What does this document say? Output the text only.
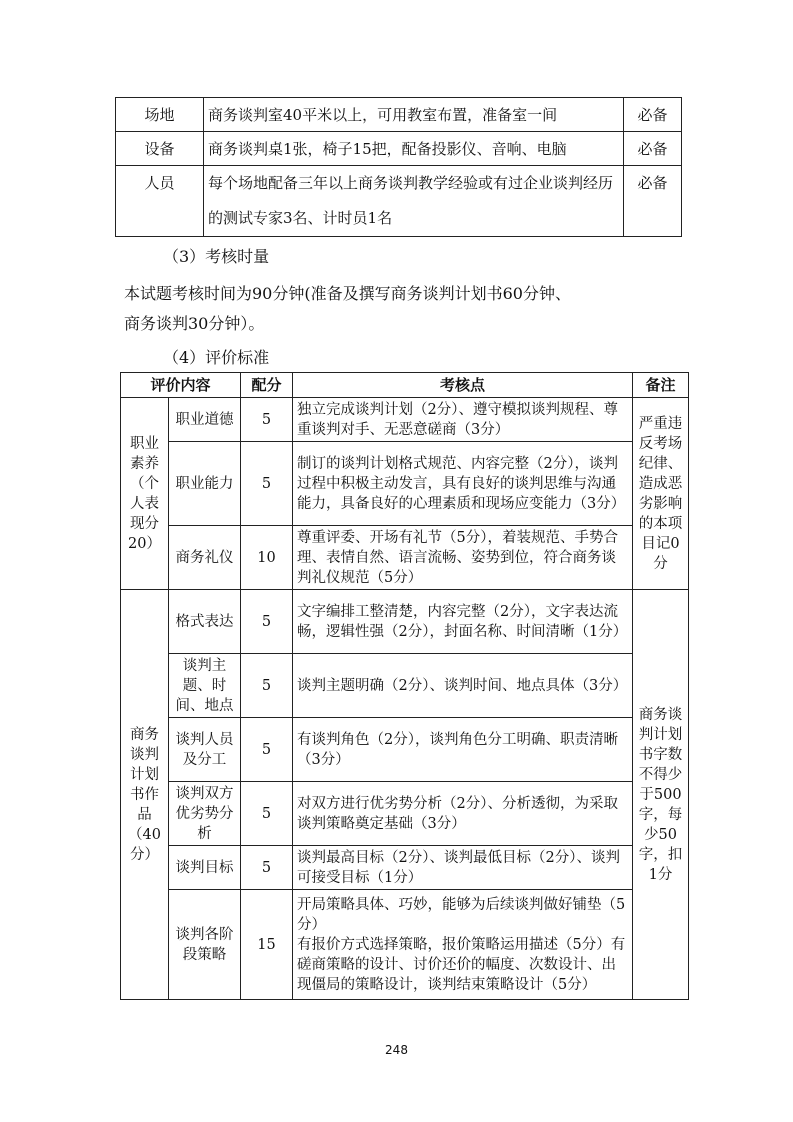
场地	商务谈判室40平米以上，可用教室布置，准备室一间	必备
设备	商务谈判桌1张，椅子15把，配备投影仪、音响、电脑	必备
人员	每个场地配备三年以上商务谈判教学经验或有过企业谈判经历的测试专家3名、计时员1名	必备
（3）考核时量
本试题考核时间为90分钟(准备及撰写商务谈判计划书60分钟、
商务谈判30分钟）。
（4）评价标准
评价内容		配分	考核点	备注
职业素养（个人表现分20）	职业道德	5	独立完成谈判计划（2分）、遵守模拟谈判规程、尊重谈判对手、无恶意磋商（3分）	严重违反考场纪律、造成恶劣影响的本项目记0分
	职业能力	5	制订的谈判计划格式规范、内容完整（2分），谈判过程中积极主动发言，具有良好的谈判思维与沟通能力，具备良好的心理素质和现场应变能力（3分）	
	商务礼仪	10	尊重评委、开场有礼节（5分），着装规范、手势合理、表情自然、语言流畅、姿势到位，符合商务谈判礼仪规范（5分）	
商务谈判计划书作品（40分）	格式表达	5	文字编排工整清楚，内容完整（2分），文字表达流畅，逻辑性强（2分），封面名称、时间清晰（1分）	商务谈判计划书字数不得少于500字，每少50字，扣1分
	谈判主题、时间、地点	5	谈判主题明确（2分）、谈判时间、地点具体（3分）	
	谈判人员及分工	5	有谈判角色（2分），谈判角色分工明确、职责清晰（3分）	
	谈判双方优劣势分析	5	对双方进行优劣势分析（2分）、分析透彻，为采取谈判策略奠定基础（3分）	
	谈判目标	5	谈判最高目标（2分）、谈判最低目标（2分）、谈判可接受目标（1分）	
	谈判各阶段策略	15	开局策略具体、巧妙，能够为后续谈判做好铺垫（5分）
有报价方式选择策略，报价策略运用描述（5分）有磋商策略的设计、讨价还价的幅度、次数设计、出现僵局的策略设计，谈判结束策略设计（5分）	
248
